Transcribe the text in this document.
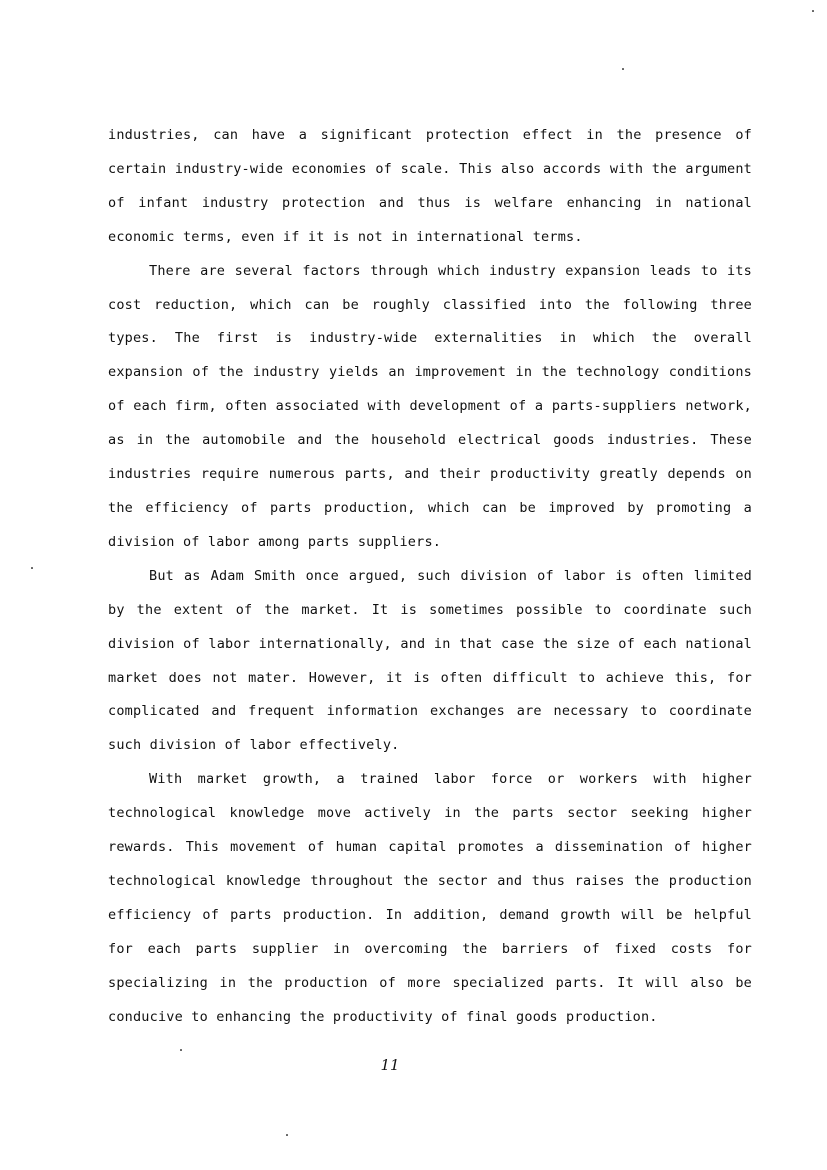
industries, can have a significant protection effect in the presence of certain industry-wide economies of scale. This also accords with the argument of infant industry protection and thus is welfare enhancing in national economic terms, even if it is not in international terms.

There are several factors through which industry expansion leads to its cost reduction, which can be roughly classified into the following three types. The first is industry-wide externalities in which the overall expansion of the industry yields an improvement in the technology conditions of each firm, often associated with development of a parts-suppliers network, as in the automobile and the household electrical goods industries. These industries require numerous parts, and their productivity greatly depends on the efficiency of parts production, which can be improved by promoting a division of labor among parts suppliers.

But as Adam Smith once argued, such division of labor is often limited by the extent of the market. It is sometimes possible to coordinate such division of labor internationally, and in that case the size of each national market does not mater. However, it is often difficult to achieve this, for complicated and frequent information exchanges are necessary to coordinate such division of labor effectively.

With market growth, a trained labor force or workers with higher technological knowledge move actively in the parts sector seeking higher rewards. This movement of human capital promotes a dissemination of higher technological knowledge throughout the sector and thus raises the production efficiency of parts production. In addition, demand growth will be helpful for each parts supplier in overcoming the barriers of fixed costs for specializing in the production of more specialized parts. It will also be conducive to enhancing the productivity of final goods production.

11
